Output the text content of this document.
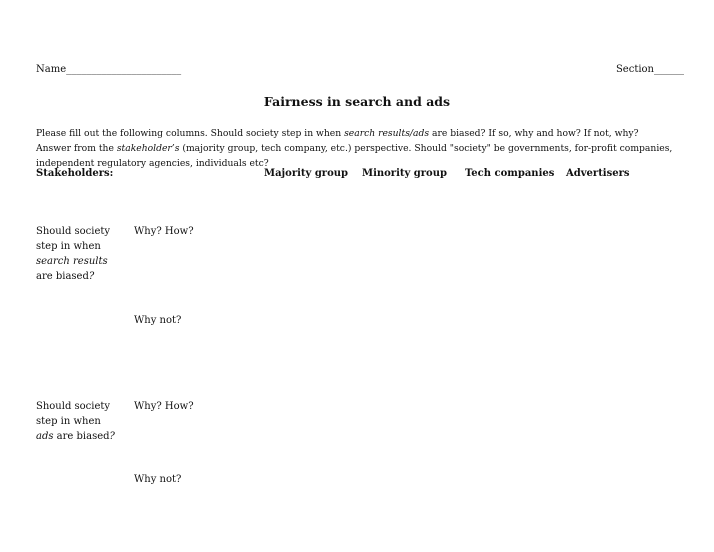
Name_______________________	Section______
Fairness in search and ads
Please fill out the following columns. Should society step in when search results/ads are biased? If so, why and how? If not, why? Answer from the stakeholder’s (majority group, tech company, etc.) perspective. Should "society" be governments, for-profit companies, independent regulatory agencies, individuals etc?
Stakeholders:	Majority group Minority group Tech companies Advertisers
Should society
step in when
search results
are biased?
Why? How?
Why not?
Should society
step in when
ads are biased?
Why? How?
Why not?
